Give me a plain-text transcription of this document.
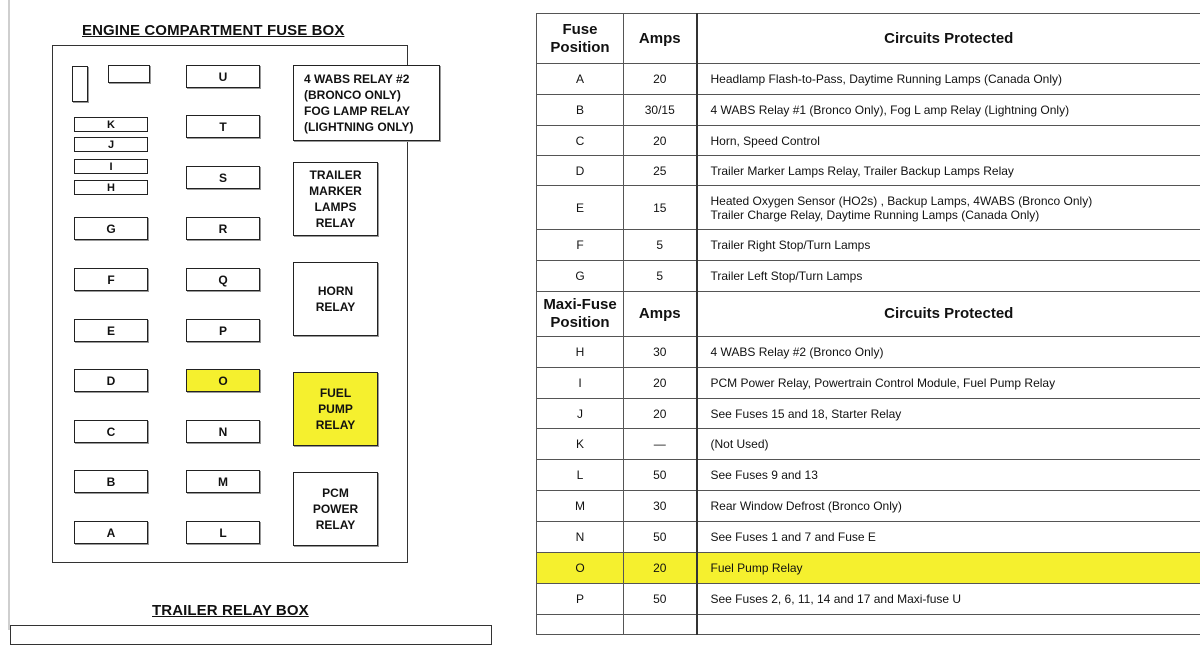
ENGINE COMPARTMENT FUSE BOX
K
J
I
H
G
F
E
D
C
B
A
U
T
S
R
Q
P
O
N
M
L
4 WABS RELAY #2
(BRONCO ONLY)
FOG LAMP RELAY
(LIGHTNING ONLY)
TRAILER
MARKER
LAMPS
RELAY
HORN
RELAY
FUEL
PUMP
RELAY
PCM
POWER
RELAY
TRAILER RELAY BOX
Fuse Position	Amps	Circuits Protected
A	20	Headlamp Flash-to-Pass, Daytime Running Lamps (Canada Only)
B	30/15	4 WABS Relay #1 (Bronco Only), Fog L amp Relay (Lightning Only)
C	20	Horn, Speed Control
D	25	Trailer Marker Lamps Relay, Trailer Backup Lamps Relay
E	15	Heated Oxygen Sensor (HO2s) , Backup Lamps, 4WABS (Bronco Only)
Trailer Charge Relay, Daytime Running Lamps (Canada Only)

F	5	Trailer Right Stop/Turn Lamps
G	5	Trailer Left Stop/Turn Lamps
Maxi-Fuse Position	Amps	Circuits Protected
H	30	4 WABS Relay #2 (Bronco Only)
I	20	PCM Power Relay, Powertrain Control Module, Fuel Pump Relay
J	20	See Fuses 15 and 18, Starter Relay
K	—	(Not Used)
L	50	See Fuses 9 and 13
M	30	Rear Window Defrost (Bronco Only)
N	50	See Fuses 1 and 7 and Fuse E
O	20	Fuel Pump Relay
P	50	See Fuses 2, 6, 11, 14 and 17 and Maxi-fuse U
